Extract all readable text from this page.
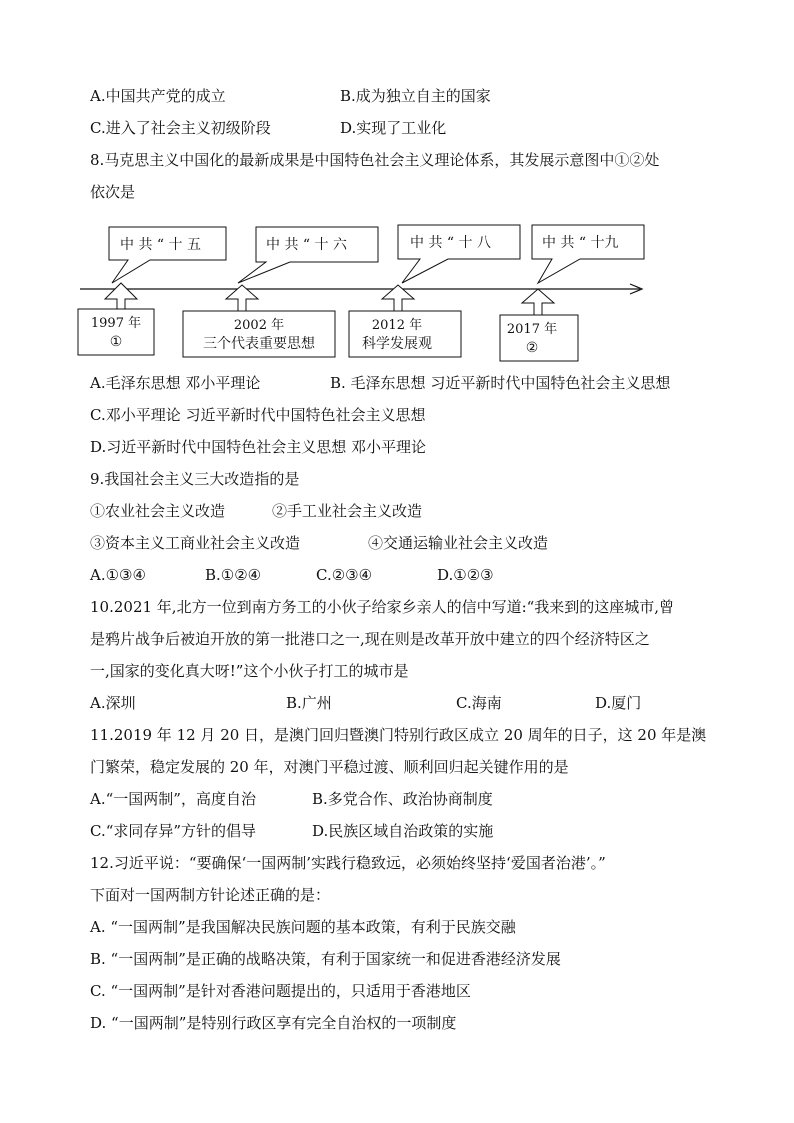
A.中国共产党的成立	B.成为独立自主的国家
C.进入了社会主义初级阶段	D.实现了工业化
8.马克思主义中国化的最新成果是中国特色社会主义理论体系，其发展示意图中①②处
依次是
中 共 “ 十 五	中 共 “ 十 六	中 共 “ 十 八	中 共 “ 十九
1997 年
①
2002 年
三个代表重要思想
2012 年
科学发展观
2017 年
②
A.毛泽东思想 邓小平理论	B. 毛泽东思想 习近平新时代中国特色社会主义思想
C.邓小平理论 习近平新时代中国特色社会主义思想
D.习近平新时代中国特色社会主义思想 邓小平理论
9.我国社会主义三大改造指的是
①农业社会主义改造	②手工业社会主义改造
③资本主义工商业社会主义改造	④交通运输业社会主义改造
A.①③④	B.①②④	C.②③④	D.①②③
10.2021 年,北方一位到南方务工的小伙子给家乡亲人的信中写道:“我来到的这座城市,曾
是鸦片战争后被迫开放的第一批港口之一,现在则是改革开放中建立的四个经济特区之
一,国家的变化真大呀!”这个小伙子打工的城市是
A.深圳	B.广州	C.海南	D.厦门
11.2019 年 12 月 20 日，是澳门回归暨澳门特别行政区成立 20 周年的日子，这 20 年是澳
门繁荣，稳定发展的 20 年，对澳门平稳过渡、顺利回归起关键作用的是
A.“一国两制”，高度自治	B.多党合作、政治协商制度
C.“求同存异”方针的倡导	D.民族区域自治政策的实施
12.习近平说：“要确保‘一国两制’实践行稳致远，必须始终坚持‘爱国者治港’。”
下面对一国两制方针论述正确的是：
A. “一国两制”是我国解决民族问题的基本政策，有利于民族交融
B. “一国两制”是正确的战略决策，有利于国家统一和促进香港经济发展
C. “一国两制”是针对香港问题提出的，只适用于香港地区
D. “一国两制”是特别行政区享有完全自治权的一项制度
